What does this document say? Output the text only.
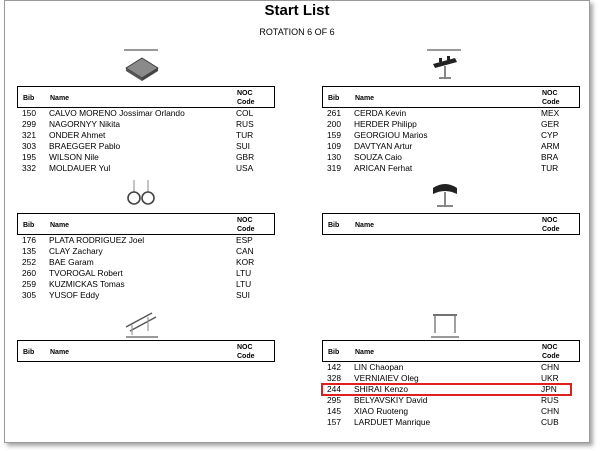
Start List
ROTATION 6 OF 6
Bib Name
NOC
Code
150 CALVO MORENO Jossimar Orlando	COL
299 NAGORNYY Nikita	RUS
321 ONDER Ahmet	TUR
303 BRAEGGER Pablo	SUI
195 WILSON Nile	GBR
332 MOLDAUER Yul	USA
Bib Name
NOC
Code
261 CERDA Kevin	MEX
200 HERDER Philipp	GER
159 GEORGIOU Marios	CYP
109 DAVTYAN Artur	ARM
130 SOUZA Caio	BRA
319 ARICAN Ferhat	TUR
Bib Name
NOC
Code
176 PLATA RODRIGUEZ Joel	ESP
135 CLAY Zachary	CAN
252 BAE Garam	KOR
260 TVOROGAL Robert	LTU
259 KUZMICKAS Tomas	LTU
305 YUSOF Eddy	SUI
Bib Name
NOC
Code
Bib Name
NOC
Code
Bib Name
NOC
Code
142 LIN Chaopan	CHN
328 VERNIAIEV Oleg	UKR
244 SHIRAI Kenzo	JPN
295 BELYAVSKIY David	RUS
145 XIAO Ruoteng	CHN
157 LARDUET Manrique	CUB
